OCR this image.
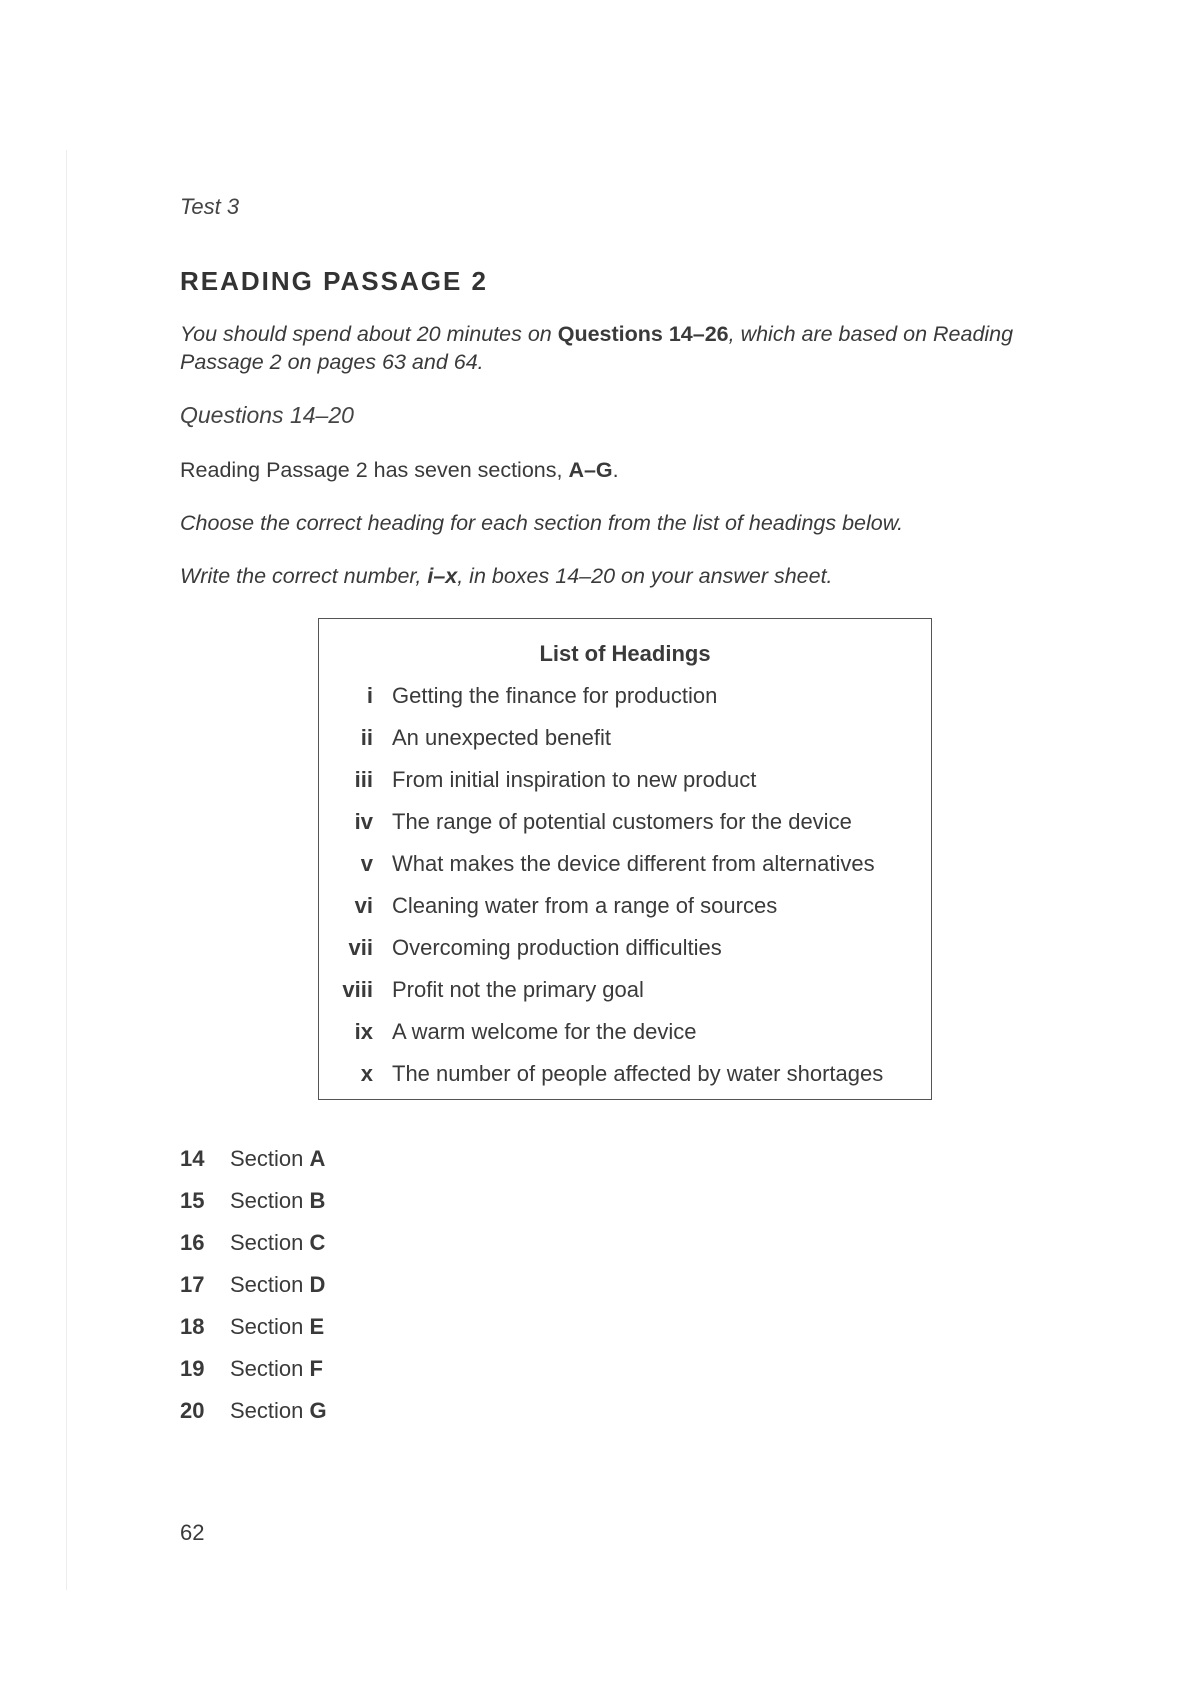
Test 3
READING PASSAGE 2
You should spend about 20 minutes on Questions 14–26, which are based on Reading Passage 2 on pages 63 and 64.
Questions 14–20
Reading Passage 2 has seven sections, A–G.
Choose the correct heading for each section from the list of headings below.
Write the correct number, i–x, in boxes 14–20 on your answer sheet.
List of Headings
i Getting the finance for production
ii An unexpected benefit
iii From initial inspiration to new product
iv The range of potential customers for the device
v What makes the device different from alternatives
vi Cleaning water from a range of sources
vii Overcoming production difficulties
viii Profit not the primary goal
ix A warm welcome for the device
x The number of people affected by water shortages
14 Section A
15 Section B
16 Section C
17 Section D
18 Section E
19 Section F
20 Section G
62
